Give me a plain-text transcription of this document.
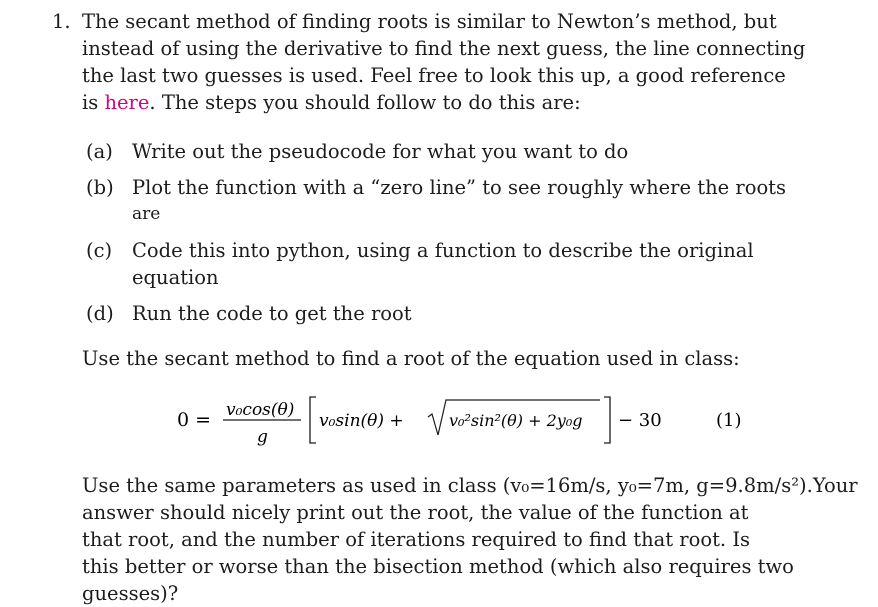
1. The secant method of finding roots is similar to Newton’s method, but
instead of using the derivative to find the next guess, the line connecting
the last two guesses is used. Feel free to look this up, a good reference
is here. The steps you should follow to do this are:
(a) Write out the pseudocode for what you want to do
(b) Plot the function with a “zero line” to see roughly where the roots
are
(c) Code this into python, using a function to describe the original
equation
(d) Run the code to get the root
Use the secant method to find a root of the equation used in class:
Use the same parameters as used in class (v₀=16m/s, y₀=7m, g=9.8m/s²).Your
answer should nicely print out the root, the value of the function at
that root, and the number of iterations required to find that root. Is
this better or worse than the bisection method (which also requires two
guesses)?
0 = v₀cos(θ)
g
v₀sin(θ) +	v₀²sin²(θ) + 2y₀g − 30	(1)
